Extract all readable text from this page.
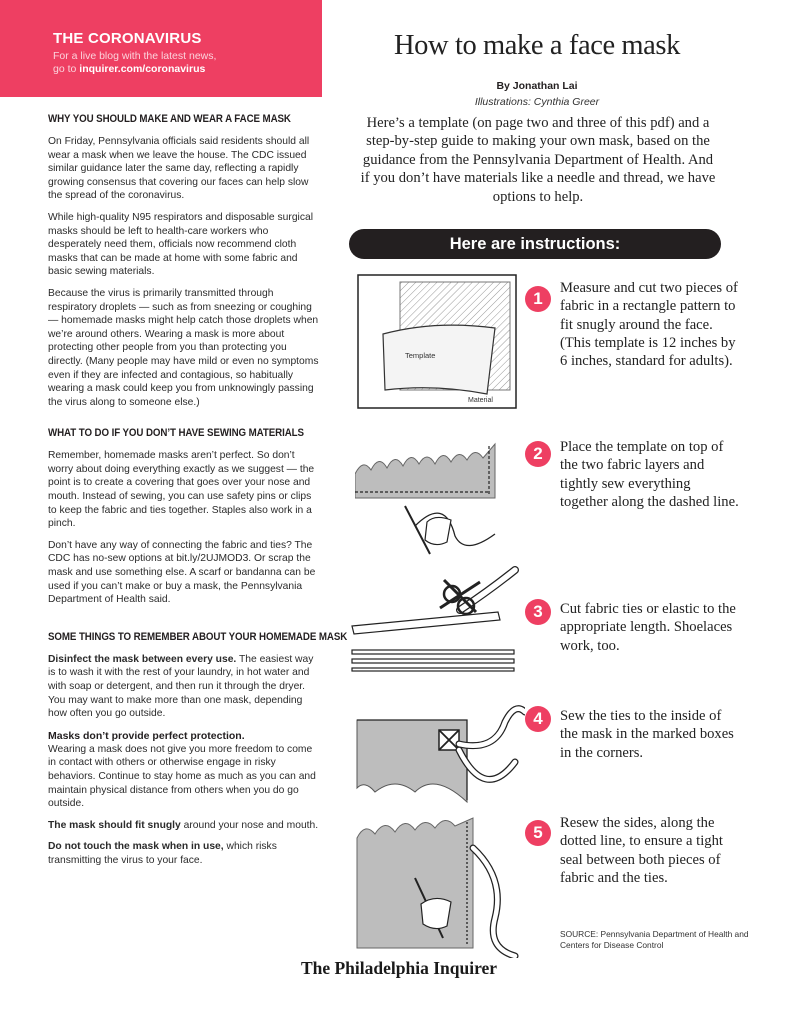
THE CORONAVIRUS
For a live blog with the latest news,
go to inquirer.com/coronavirus
WHY YOU SHOULD MAKE AND WEAR A FACE MASK

On Friday, Pennsylvania officials said residents should all wear a mask when we leave the house. The CDC issued similar guidance later the same day, reflecting a rapidly growing consensus that covering our faces can help slow the spread of the coronavirus.

While high-quality N95 respirators and disposable surgical masks should be left to health-care workers who desperately need them, officials now recommend cloth masks that can be made at home with some fabric and basic sewing materials.

Because the virus is primarily transmitted through respiratory droplets — such as from sneezing or coughing — homemade masks might help catch those droplets when we’re around others. Wearing a mask is more about protecting other people from you than protecting you directly. (Many people may have mild or even no symptoms even if they are infected and contagious, so habitually wearing a mask could keep you from unknowingly passing the virus along to someone else.)

WHAT TO DO IF YOU DON’T HAVE SEWING MATERIALS

Remember, homemade masks aren’t perfect. So don’t worry about doing everything exactly as we suggest — the point is to create a covering that goes over your nose and mouth. Instead of sewing, you can use safety pins or clips to keep the fabric and ties together. Staples also work in a pinch.

Don’t have any way of connecting the fabric and ties? The CDC has no-sew options at bit.ly/2UJMOD3. Or scrap the mask and use something else. A scarf or bandanna can be used if you can’t make or buy a mask, the Pennsylvania Department of Health said.

SOME THINGS TO REMEMBER ABOUT YOUR HOMEMADE MASK

Disinfect the mask between every use. The easiest way is to wash it with the rest of your laundry, in hot water and with soap or detergent, and then run it through the dryer. You may want to make more than one mask, depending how often you go outside.

Masks don’t provide perfect protection.

Wearing a mask does not give you more freedom to come in contact with others or otherwise engage in risky behaviors. Continue to stay home as much as you can and maintain physical distance from others when you do go outside.

The mask should fit snugly around your nose and mouth.

Do not touch the mask when in use, which risks transmitting the virus to your face.

How to make a face mask
By Jonathan Lai
Illustrations: Cynthia Greer
Here’s a template (on page two and three of this pdf) and a step-by-step guide to making your own mask, based on the guidance from the Pennsylvania Department of Health. And if you don’t have materials like a needle and thread, we have options to help.
Here are instructions:
Template
Material
1
Measure and cut two pieces of fabric in a rectangle pattern to fit snugly around the face. (This template is 12 inches by 6 inches, standard for adults).
2	Place the template on top of the two fabric layers and tightly sew everything together along the dashed line.
3	Cut fabric ties or elastic to the appropriate length. Shoelaces work, too.
4	Sew the ties to the inside of the mask in the marked boxes in the corners.
5	Resew the sides, along the dotted line, to ensure a tight seal between both pieces of fabric and the ties.
SOURCE: Pennsylvania Department of Health and Centers for Disease Control
The Philadelphia Inquirer
